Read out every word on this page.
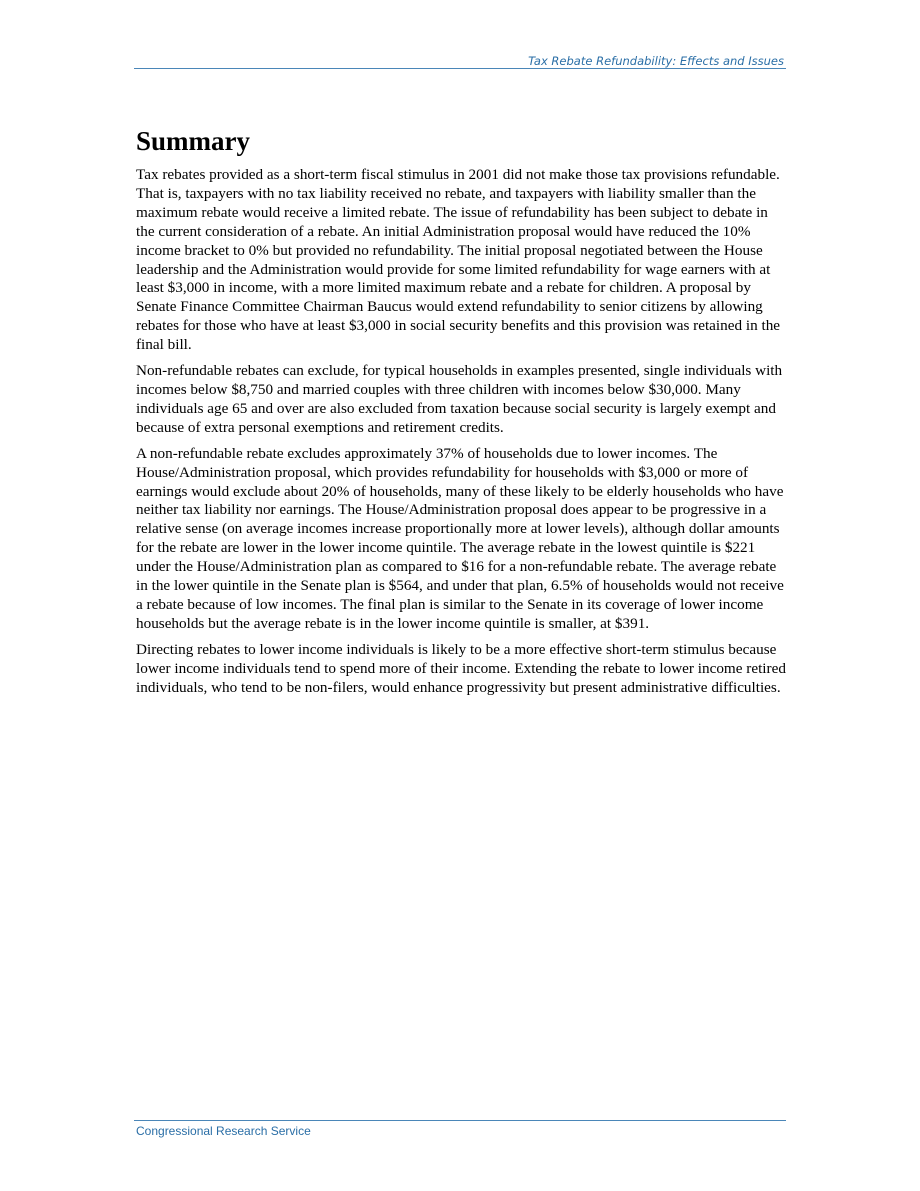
Tax Rebate Refundability: Effects and Issues
Summary

Tax rebates provided as a short-term fiscal stimulus in 2001 did not make those tax provisions refundable. That is, taxpayers with no tax liability received no rebate, and taxpayers with liability smaller than the maximum rebate would receive a limited rebate. The issue of refundability has been subject to debate in the current consideration of a rebate. An initial Administration proposal would have reduced the 10% income bracket to 0% but provided no refundability. The initial proposal negotiated between the House leadership and the Administration would provide for some limited refundability for wage earners with at least $3,000 in income, with a more limited maximum rebate and a rebate for children. A proposal by Senate Finance Committee Chairman Baucus would extend refundability to senior citizens by allowing rebates for those who have at least $3,000 in social security benefits and this provision was retained in the final bill.

Non-refundable rebates can exclude, for typical households in examples presented, single individuals with incomes below $8,750 and married couples with three children with incomes below $30,000. Many individuals age 65 and over are also excluded from taxation because social security is largely exempt and because of extra personal exemptions and retirement credits.

A non-refundable rebate excludes approximately 37% of households due to lower incomes. The House/Administration proposal, which provides refundability for households with $3,000 or more of earnings would exclude about 20% of households, many of these likely to be elderly households who have neither tax liability nor earnings. The House/Administration proposal does appear to be progressive in a relative sense (on average incomes increase proportionally more at lower levels), although dollar amounts for the rebate are lower in the lower income quintile. The average rebate in the lowest quintile is $221 under the House/Administration plan as compared to $16 for a non-refundable rebate. The average rebate in the lower quintile in the Senate plan is $564, and under that plan, 6.5% of households would not receive a rebate because of low incomes. The final plan is similar to the Senate in its coverage of lower income households but the average rebate is in the lower income quintile is smaller, at $391.

Directing rebates to lower income individuals is likely to be a more effective short-term stimulus because lower income individuals tend to spend more of their income. Extending the rebate to lower income retired individuals, who tend to be non-filers, would enhance progressivity but present administrative difficulties.

Congressional Research Service
